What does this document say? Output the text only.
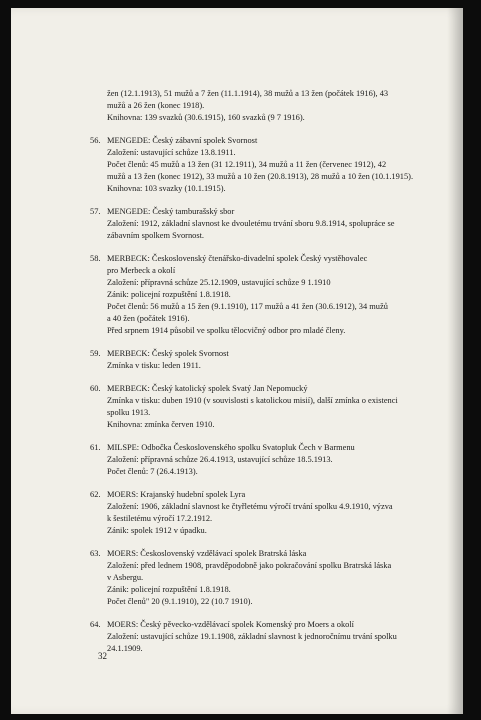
žen (12.1.1913), 51 mužů a 7 žen (11.1.1914), 38 mužů a 13 žen (počátek 1916), 43
mužů a 26 žen (konec 1918).
Knihovna: 139 svazků (30.6.1915), 160 svazků (9 7 1916).
56. MENGEDE: Český zábavní spolek Svornost
Založení: ustavující schůze 13.8.1911.
Počet členů: 45 mužů a 13 žen (31 12.1911), 34 mužů a 11 žen (červenec 1912), 42
mužů a 13 žen (konec 1912), 33 mužů a 10 žen (20.8.1913), 28 mužů a 10 žen (10.1.1915).
Knihovna: 103 svazky (10.1.1915).
57. MENGEDE: Český tamburašský sbor
Založení: 1912, základní slavnost ke dvouletému trvání sboru 9.8.1914, spolupráce se
zábavním spolkem Svornost.
58. MERBECK: Československý čtenářsko-divadelní spolek Český vystěhovalec
pro Merbeck a okolí
Založení: přípravná schůze 25.12.1909, ustavující schůze 9 1.1910
Zánik: policejní rozpuštění 1.8.1918.
Počet členů: 56 mužů a 15 žen (9.1.1910), 117 mužů a 41 žen (30.6.1912), 34 mužů
a 40 žen (počátek 1916).
Před srpnem 1914 působil ve spolku tělocvičný odbor pro mladé členy.
59. MERBECK: Český spolek Svornost
Zmínka v tisku: leden 1911.
60. MERBECK: Český katolický spolek Svatý Jan Nepomucký
Zmínka v tisku: duben 1910 (v souvislosti s katolickou misií), další zmínka o existenci
spolku 1913.
Knihovna: zmínka červen 1910.
61. MILSPE: Odbočka Československého spolku Svatopluk Čech v Barmenu
Založení: přípravná schůze 26.4.1913, ustavující schůze 18.5.1913.
Počet členů: 7 (26.4.1913).
62. MOERS: Krajanský hudební spolek Lyra
Založení: 1906, základní slavnost ke čtyřletému výročí trvání spolku 4.9.1910, výzva
k šestiletému výročí 17.2.1912.
Zánik: spolek 1912 v úpadku.
63. MOERS: Československý vzdělávací spolek Bratrská láska
Založení: před lednem 1908, pravděpodobně jako pokračování spolku Bratrská láska
v Asbergu.
Zánik: policejní rozpuštění 1.8.1918.
Počet členů" 20 (9.1.1910), 22 (10.7 1910).
64. MOERS: Český pěvecko-vzdělávací spolek Komenský pro Moers a okolí
Založení: ustavující schůze 19.1.1908, základní slavnost k jednoročnímu trvání spolku
24.1.1909.
32
